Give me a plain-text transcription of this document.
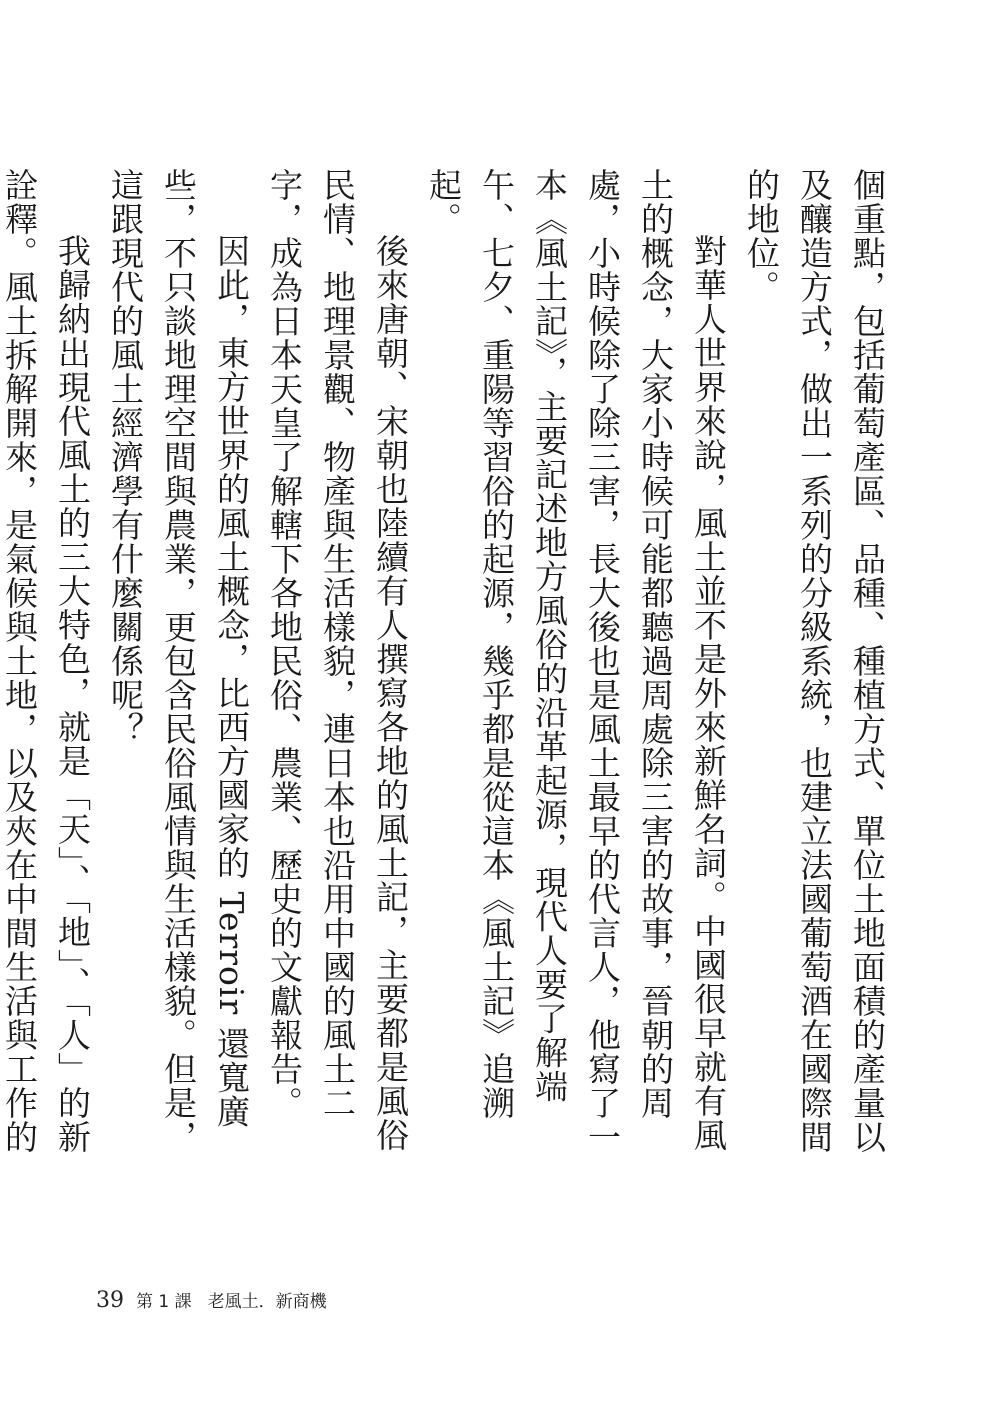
個重點，包括葡萄產區、品種、種植方式、單位土地面積的產量以及釀造方式，做出一系列的分級系統，也建立法國葡萄酒在國際間的地位。

對華人世界來說，風土並不是外來新鮮名詞。中國很早就有風土的概念，大家小時候可能都聽過周處除三害的故事，晉朝的周處，小時候除了除三害，長大後也是風土最早的代言人，他寫了一本《風土記》，主要記述地方風俗的沿革起源，現代人要了解端午、七夕、重陽等習俗的起源，幾乎都是從這本《風土記》追溯起。

後來唐朝、宋朝也陸續有人撰寫各地的風土記，主要都是風俗民情、地理景觀、物產與生活樣貌，連日本也沿用中國的風土二字，成為日本天皇了解轄下各地民俗、農業、歷史的文獻報告。

因此，東方世界的風土概念，比西方國家的 Terroir 還寬廣些，不只談地理空間與農業，更包含民俗風情與生活樣貌。但是，這跟現代的風土經濟學有什麼關係呢？

我歸納出現代風土的三大特色，就是「天」、「地」、「人」的新詮釋。風土拆解開來，是氣候與土地，以及夾在中間生活與工作的

39 第 1 課 老風土．新商機
